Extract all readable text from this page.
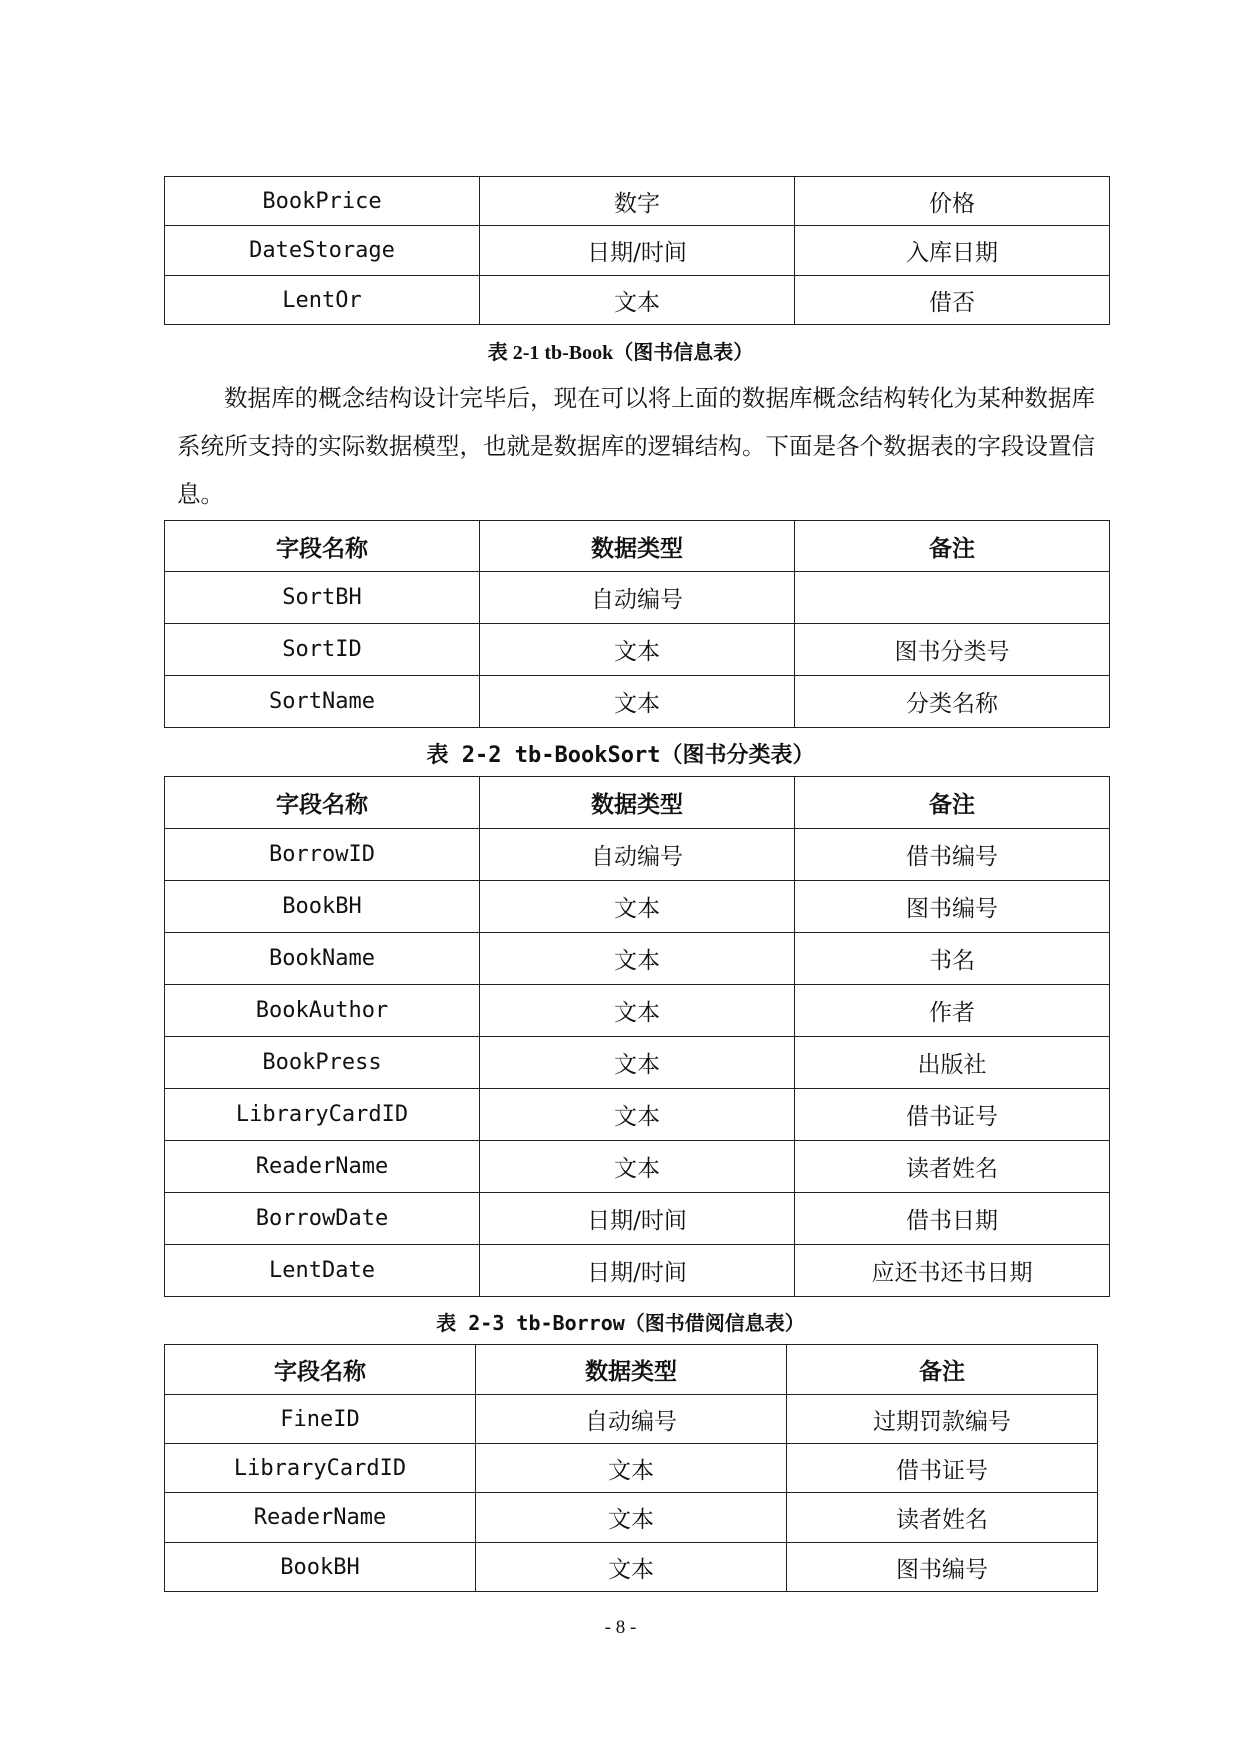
BookPrice	数字	价格
DateStorage	日期/时间	入库日期
LentOr	文本	借否
表 2-1 tb-Book（图书信息表）

数据库的概念结构设计完毕后，现在可以将上面的数据库概念结构转化为某种数据库系统所支持的实际数据模型，也就是数据库的逻辑结构。下面是各个数据表的字段设置信息。

字段名称	数据类型	备注
SortBH	自动编号	
SortID	文本	图书分类号
SortName	文本	分类名称
表 2-2 tb-BookSort（图书分类表）
字段名称	数据类型	备注
BorrowID	自动编号	借书编号
BookBH	文本	图书编号
BookName	文本	书名
BookAuthor	文本	作者
BookPress	文本	出版社
LibraryCardID	文本	借书证号
ReaderName	文本	读者姓名
BorrowDate	日期/时间	借书日期
LentDate	日期/时间	应还书还书日期
表 2-3 tb-Borrow（图书借阅信息表）
字段名称	数据类型	备注
FineID	自动编号	过期罚款编号
LibraryCardID	文本	借书证号
ReaderName	文本	读者姓名
BookBH	文本	图书编号
- 8 -
